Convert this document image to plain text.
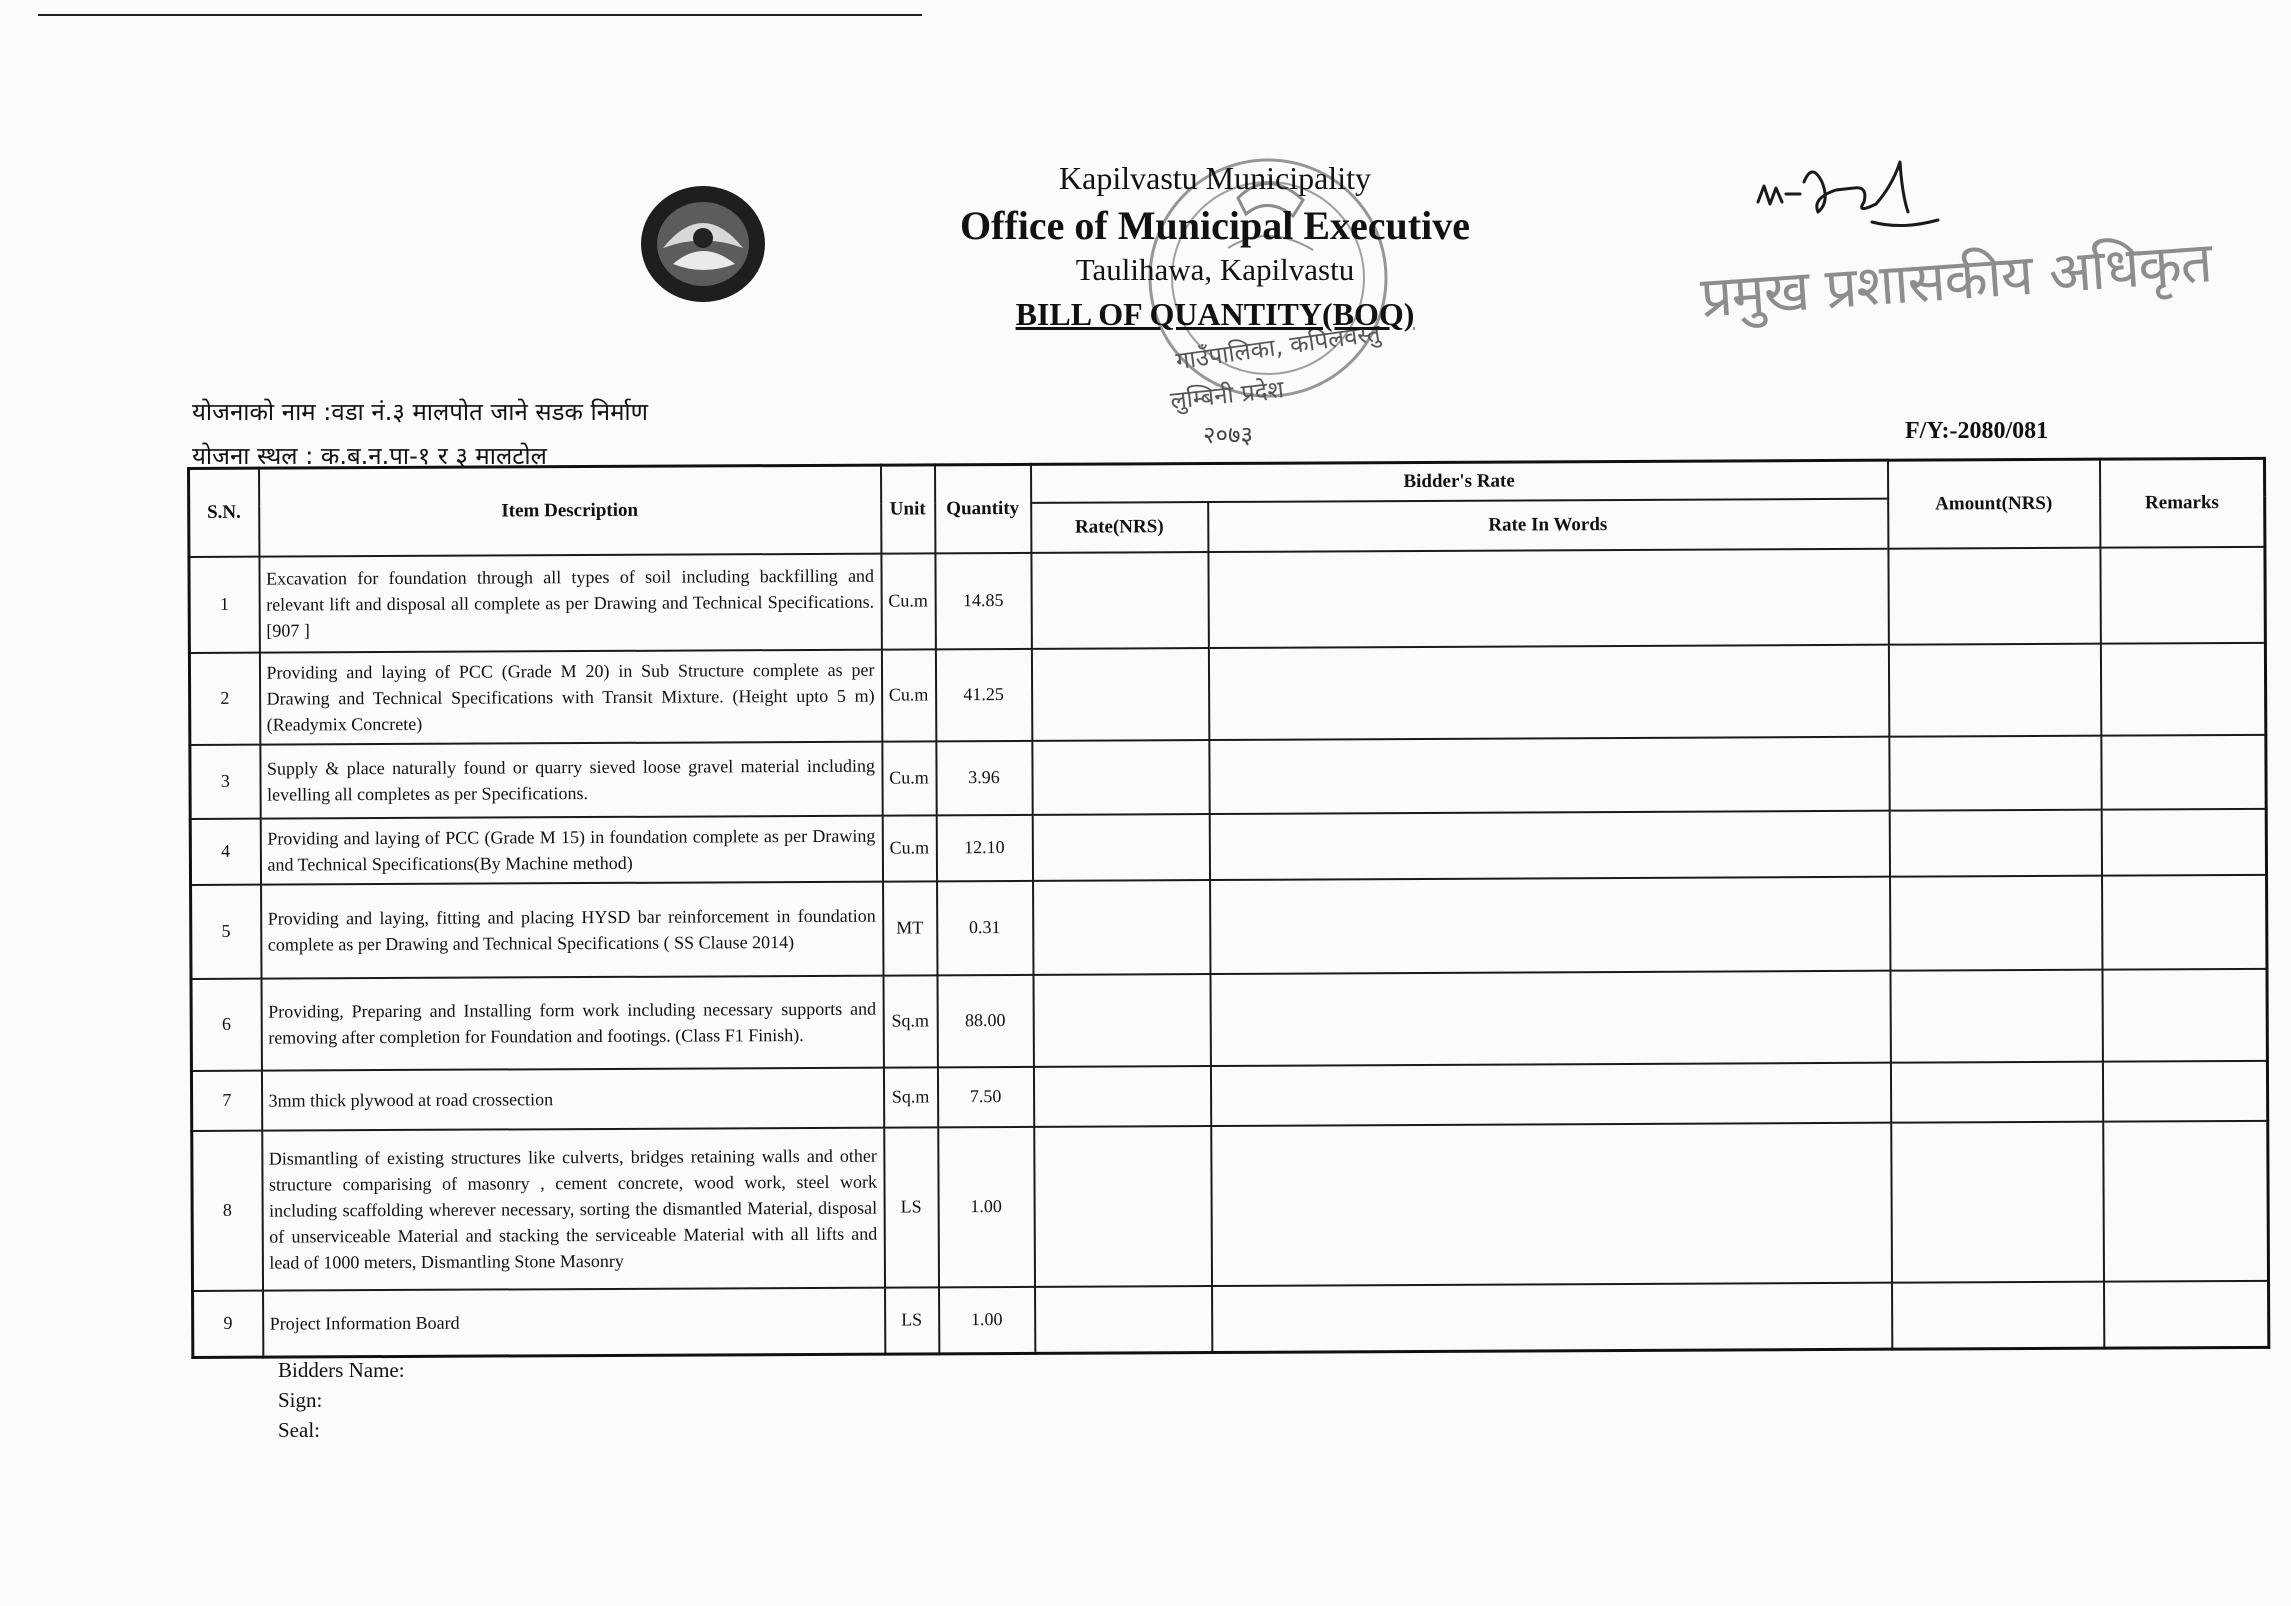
गाउँपालिका, कपिलवस्तु
लुम्बिनी प्रदेश
२०७३
प्रमुख प्रशासकीय अधिकृत
Kapilvastu Municipality
Office of Municipal Executive
Taulihawa, Kapilvastu
BILL OF QUANTITY(BOQ)
योजनाको नाम :वडा नं.३ मालपोत जाने सडक निर्माण
योजना स्थल : क.ब.न.पा-१ र ३ मालटोल
F/Y:-2080/081
S.N.	Item Description	Unit	Quantity	Bidder's Rate		Amount(NRS)	Remarks
				Rate(NRS)	Rate In Words		
1	Excavation for foundation through all types of soil including backfilling and relevant lift and disposal all complete as per Drawing and Technical Specifications.[907 ]	Cu.m	14.85				
2	Providing and laying of PCC (Grade M 20) in Sub Structure complete as per Drawing and Technical Specifications with Transit Mixture. (Height upto 5 m)(Readymix Concrete)	Cu.m	41.25				
3	Supply & place naturally found or quarry sieved loose gravel material including levelling all completes as per Specifications.	Cu.m	3.96				
4	Providing and laying of PCC (Grade M 15) in foundation complete as per Drawing and Technical Specifications(By Machine method)	Cu.m	12.10				
5	Providing and laying, fitting and placing HYSD bar reinforcement in foundation complete as per Drawing and Technical Specifications ( SS Clause 2014)	MT	0.31				
6	Providing, Preparing and Installing form work including necessary supports and removing after completion for Foundation and footings. (Class F1 Finish).	Sq.m	88.00				
7	3mm thick plywood at road crossection	Sq.m	7.50				
8	Dismantling of existing structures like culverts, bridges retaining walls and other structure comparising of masonry , cement concrete, wood work, steel work including scaffolding wherever necessary, sorting the dismantled Material, disposal of unserviceable Material and stacking the serviceable Material with all lifts and lead of 1000 meters, Dismantling Stone Masonry	LS	1.00				
9	Project Information Board	LS	1.00				
Bidders Name:
Sign:
Seal:
